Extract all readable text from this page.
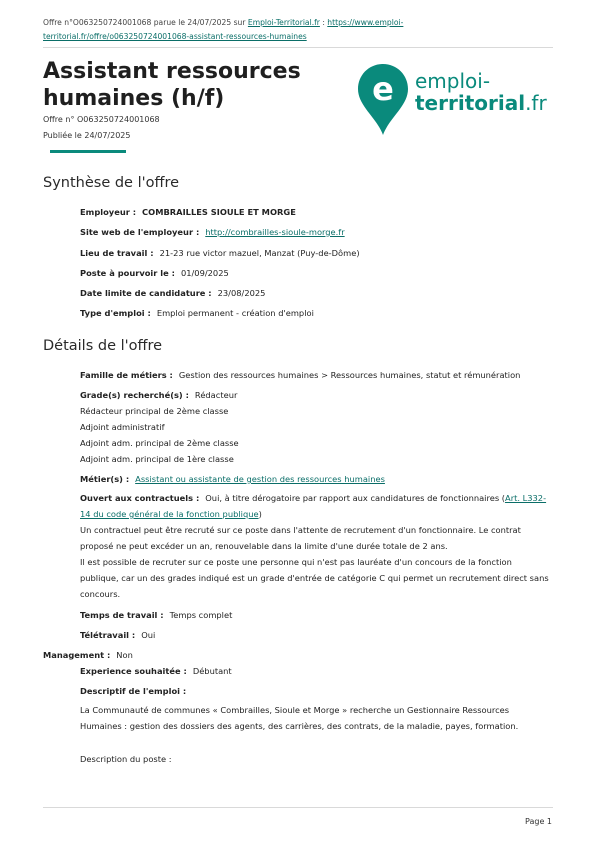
Offre n°O063250724001068 parue le 24/07/2025 sur Emploi-Territorial.fr : https://www.emploi-
territorial.fr/offre/o063250724001068-assistant-ressources-humaines
Assistant ressources
humaines (h/f)
Offre n° O063250724001068
Publiée le 24/07/2025
e emploi-
territorial.fr
Synthèse de l'offre
Employeur : COMBRAILLES SIOULE ET MORGE
Site web de l'employeur : http://combrailles-sioule-morge.fr
Lieu de travail : 21-23 rue victor mazuel, Manzat (Puy-de-Dôme)
Poste à pourvoir le : 01/09/2025
Date limite de candidature : 23/08/2025
Type d'emploi : Emploi permanent - création d'emploi
Détails de l'offre
Famille de métiers : Gestion des ressources humaines > Ressources humaines, statut et rémunération
Grade(s) recherché(s) : Rédacteur
Rédacteur principal de 2ème classe
Adjoint administratif
Adjoint adm. principal de 2ème classe
Adjoint adm. principal de 1ère classe
Métier(s) : Assistant ou assistante de gestion des ressources humaines
Ouvert aux contractuels : Oui, à titre dérogatoire par rapport aux candidatures de fonctionnaires (Art. L332-
14 du code général de la fonction publique)
Un contractuel peut être recruté sur ce poste dans l'attente de recrutement d'un fonctionnaire. Le contrat
proposé ne peut excéder un an, renouvelable dans la limite d'une durée totale de 2 ans.
Il est possible de recruter sur ce poste une personne qui n'est pas lauréate d'un concours de la fonction
publique, car un des grades indiqué est un grade d'entrée de catégorie C qui permet un recrutement direct sans
concours.
Temps de travail : Temps complet
Télétravail : Oui
Management : Non
Experience souhaitée : Débutant
Descriptif de l'emploi :
La Communauté de communes « Combrailles, Sioule et Morge » recherche un Gestionnaire Ressources
Humaines : gestion des dossiers des agents, des carrières, des contrats, de la maladie, payes, formation.
Description du poste :
Page 1
